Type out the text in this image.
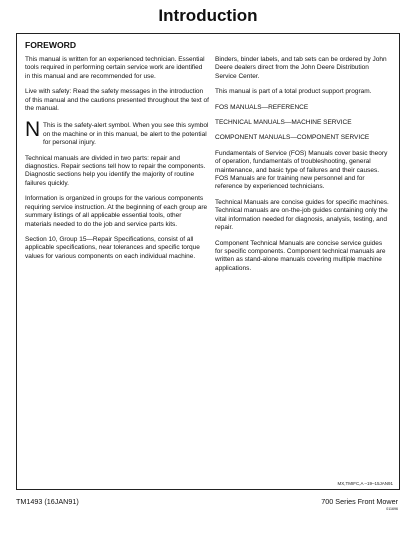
Introduction
FOREWORD

This manual is written for an experienced technician. Essential tools required in performing certain service work are identified in this manual and are recommended for use.

Live with safety: Read the safety messages in the introduction of this manual and the cautions presented throughout the text of the manual.

N This is the safety-alert symbol. When you see this symbol on the machine or in this manual, be alert to the potential for personal injury.

Technical manuals are divided in two parts: repair and diagnostics. Repair sections tell how to repair the components. Diagnostic sections help you identify the majority of routine failures quickly.

Information is organized in groups for the various components requiring service instruction. At the beginning of each group are summary listings of all applicable essential tools, other materials needed to do the job and service parts kits.

Section 10, Group 15—Repair Specifications, consist of all applicable specifications, near tolerances and specific torque values for various components on each individual machine.

Binders, binder labels, and tab sets can be ordered by John Deere dealers direct from the John Deere Distribution Service Center.

This manual is part of a total product support program.

FOS MANUALS—REFERENCE

TECHNICAL MANUALS—MACHINE SERVICE

COMPONENT MANUALS—COMPONENT SERVICE

Fundamentals of Service (FOS) Manuals cover basic theory of operation, fundamentals of troubleshooting, general maintenance, and basic type of failures and their causes. FOS Manuals are for training new personnel and for reference by experienced technicians.

Technical Manuals are concise guides for specific machines. Technical manuals are on-the-job guides containing only the vital information needed for diagnosis, analysis, testing, and repair.

Component Technical Manuals are concise service guides for specific components. Component technical manuals are written as stand-alone manuals covering multiple machine applications.

MX,TMIFC,A –19–15JAN91
TM1493 (16JAN91)	700 Series Front Mower
011696
